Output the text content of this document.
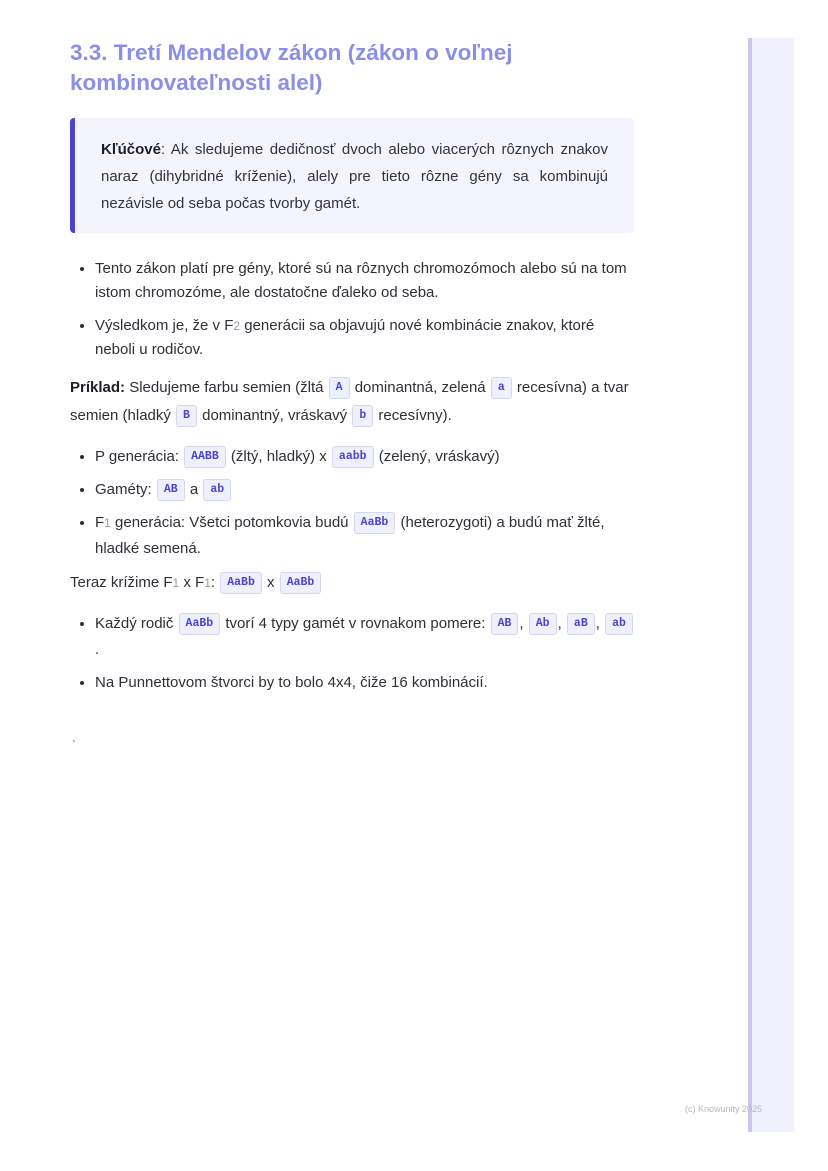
3.3. Tretí Mendelov zákon (zákon o voľnej kombinovateľnosti alel)
Kľúčové: Ak sledujeme dedičnosť dvoch alebo viacerých rôznych znakov naraz (dihybridné kríženie), alely pre tieto rôzne gény sa kombinujú nezávisle od seba počas tvorby gamét.
• Tento zákon platí pre gény, ktoré sú na rôznych chromozómoch alebo sú na tom istom chromozóme, ale dostatočne ďaleko od seba.
• Výsledkom je, že v F2 generácii sa objavujú nové kombinácie znakov, ktoré neboli u rodičov.

Príklad: Sledujeme farbu semien (žltá A dominantná, zelená a recesívna) a tvar semien (hladký B dominantný, vráskavý b recesívny).

• P generácia: AABB (žltý, hladký) x aabb (zelený, vráskavý)
• Gaméty: AB a ab
• F1 generácia: Všetci potomkovia budú AaBb (heterozygoti) a budú mať žlté, hladké semená.

Teraz krížime F1 x F1: AaBb x AaBb

• Každý rodič AaBb tvorí 4 typy gamét v rovnakom pomere: AB , Ab , aB , ab.
• Na Punnettovom štvorci by to bolo 4x4, čiže 16 kombinácií.
`
(c) Knowunity 2025
